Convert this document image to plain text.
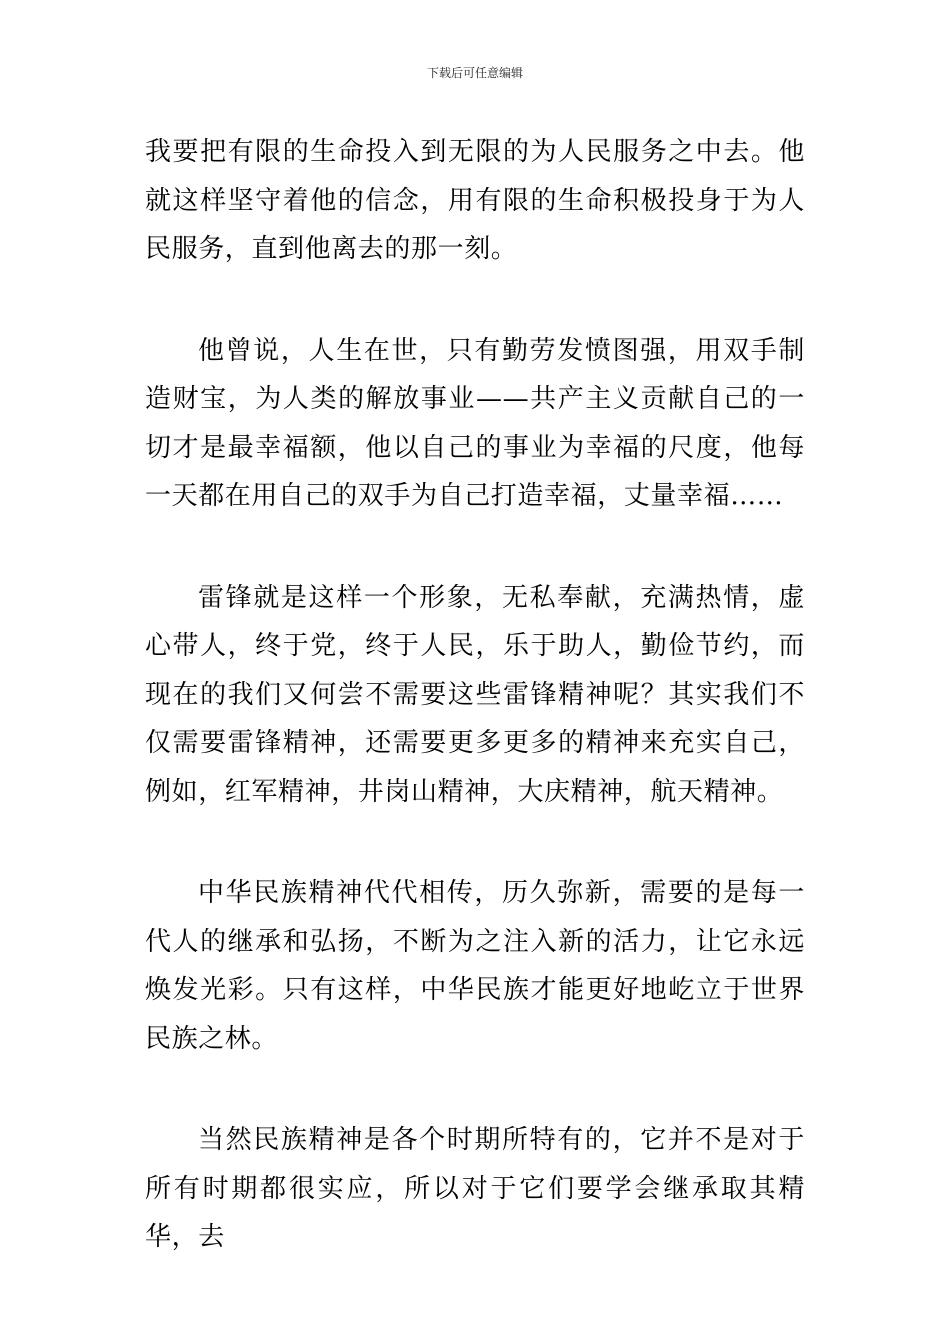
下载后可任意编辑

我要把有限的生命投入到无限的为人民服务之中去。他就这样坚守着他的信念，用有限的生命积极投身于为人民服务，直到他离去的那一刻。

他曾说，人生在世，只有勤劳发愤图强，用双手制造财宝，为人类的解放事业——共产主义贡献自己的一切才是最幸福额，他以自己的事业为幸福的尺度，他每一天都在用自己的双手为自己打造幸福，丈量幸福……

雷锋就是这样一个形象，无私奉献，充满热情，虚心带人，终于党，终于人民，乐于助人，勤俭节约，而现在的我们又何尝不需要这些雷锋精神呢？其实我们不仅需要雷锋精神，还需要更多更多的精神来充实自己，例如，红军精神，井岗山精神，大庆精神，航天精神。

中华民族精神代代相传，历久弥新，需要的是每一代人的继承和弘扬，不断为之注入新的活力，让它永远焕发光彩。只有这样，中华民族才能更好地屹立于世界民族之林。

当然民族精神是各个时期所特有的，它并不是对于所有时期都很实应，所以对于它们要学会继承取其精华，去
